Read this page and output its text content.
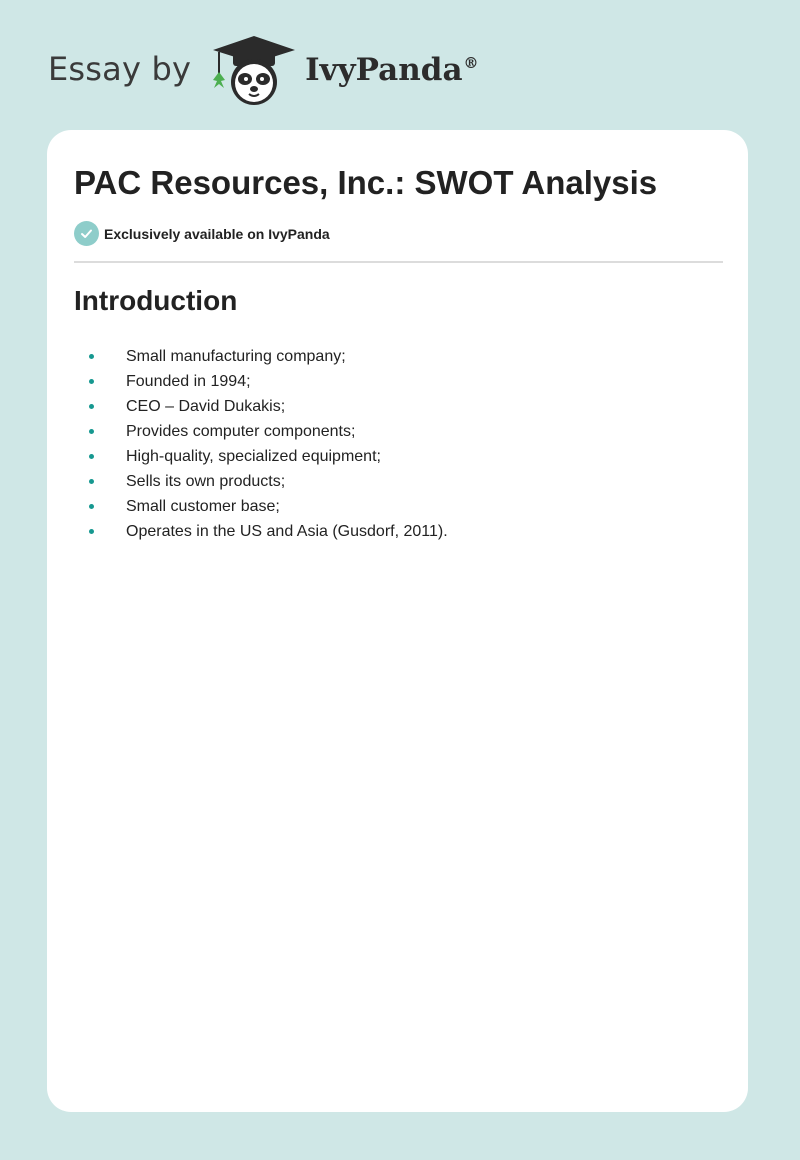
Essay by	IvyPanda®
PAC Resources, Inc.: SWOT Analysis
Exclusively available on IvyPanda
Introduction
Small manufacturing company;
Founded in 1994;
CEO – David Dukakis;
Provides computer components;
High-quality, specialized equipment;
Sells its own products;
Small customer base;
Operates in the US and Asia (Gusdorf, 2011).
